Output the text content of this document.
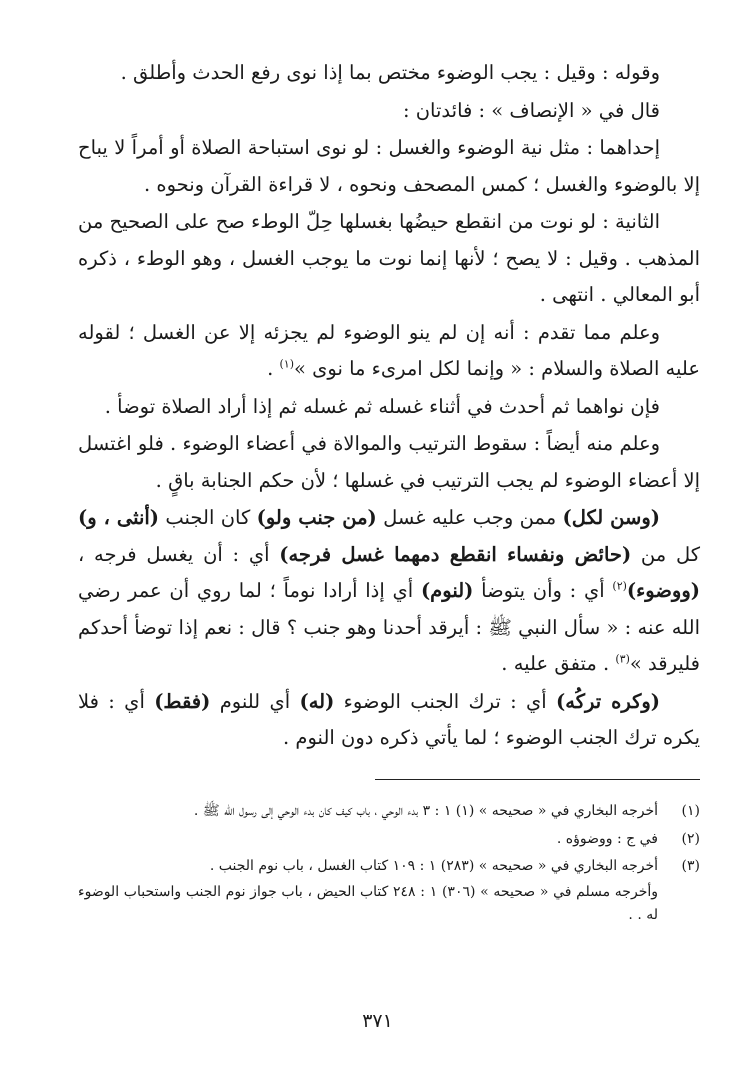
وقوله : وقيل : يجب الوضوء مختص بما إذا نوى رفع الحدث وأطلق .

قال في « الإنصاف » : فائدتان :

إحداهما : مثل نية الوضوء والغسل : لو نوى استباحة الصلاة أو أمراً لا يباح إلا بالوضوء والغسل ؛ كمس المصحف ونحوه ، لا قراءة القرآن ونحوه .

الثانية : لو نوت من انقطع حيضُها بغسلها حِلّ الوطء صح على الصحيح من المذهب . وقيل : لا يصح ؛ لأنها إنما نوت ما يوجب الغسل ، وهو الوطء ، ذكره أبو المعالي . انتهى .

وعلم مما تقدم : أنه إن لم ينو الوضوء لم يجزئه إلا عن الغسل ؛ لقوله عليه الصلاة والسلام : « وإنما لكل امرىء ما نوى »$^{(١)}$ .

فإن نواهما ثم أحدث في أثناء غسله ثم غسله ثم إذا أراد الصلاة توضأ .

وعلم منه أيضاً : سقوط الترتيب والموالاة في أعضاء الوضوء . فلو اغتسل إلا أعضاء الوضوء لم يجب الترتيب في غسلها ؛ لأن حكم الجنابة باقٍ .

(وسن لكل) ممن وجب عليه غسل (من جنب ولو) كان الجنب (أنثى ، و) كل من (حائض ونفساء انقطع دمهما غسل فرجه) أي : أن يغسل فرجه ، (ووضوء)$^{(٢)}$ أي : وأن يتوضأ (لنوم) أي إذا أرادا نوماً ؛ لما روي أن عمر رضي الله عنه : « سأل النبي ﷺ : أيرقد أحدنا وهو جنب ؟ قال : نعم إذا توضأ أحدكم فليرقد »$^{(٣)}$ . متفق عليه .

(وكره تركُه) أي : ترك الجنب الوضوء (له) أي للنوم (فقط) أي : فلا يكره ترك الجنب الوضوء ؛ لما يأتي ذكره دون النوم .

(١)
أخرجه البخاري في « صحيحه » (١) ١ : ٣ بدء الوحي ، باب كيف كان بدء الوحي إلى رسول الله ﷺ .
(٢)
في ج : ووضوؤه .
(٣)
أخرجه البخاري في « صحيحه » (٢٨٣) ١ : ١٠٩ كتاب الغسل ، باب نوم الجنب .
وأخرجه مسلم في « صحيحه » (٣٠٦) ١ : ٢٤٨ كتاب الحيض ، باب جواز نوم الجنب واستحباب الوضوء له . .
٣٧١
